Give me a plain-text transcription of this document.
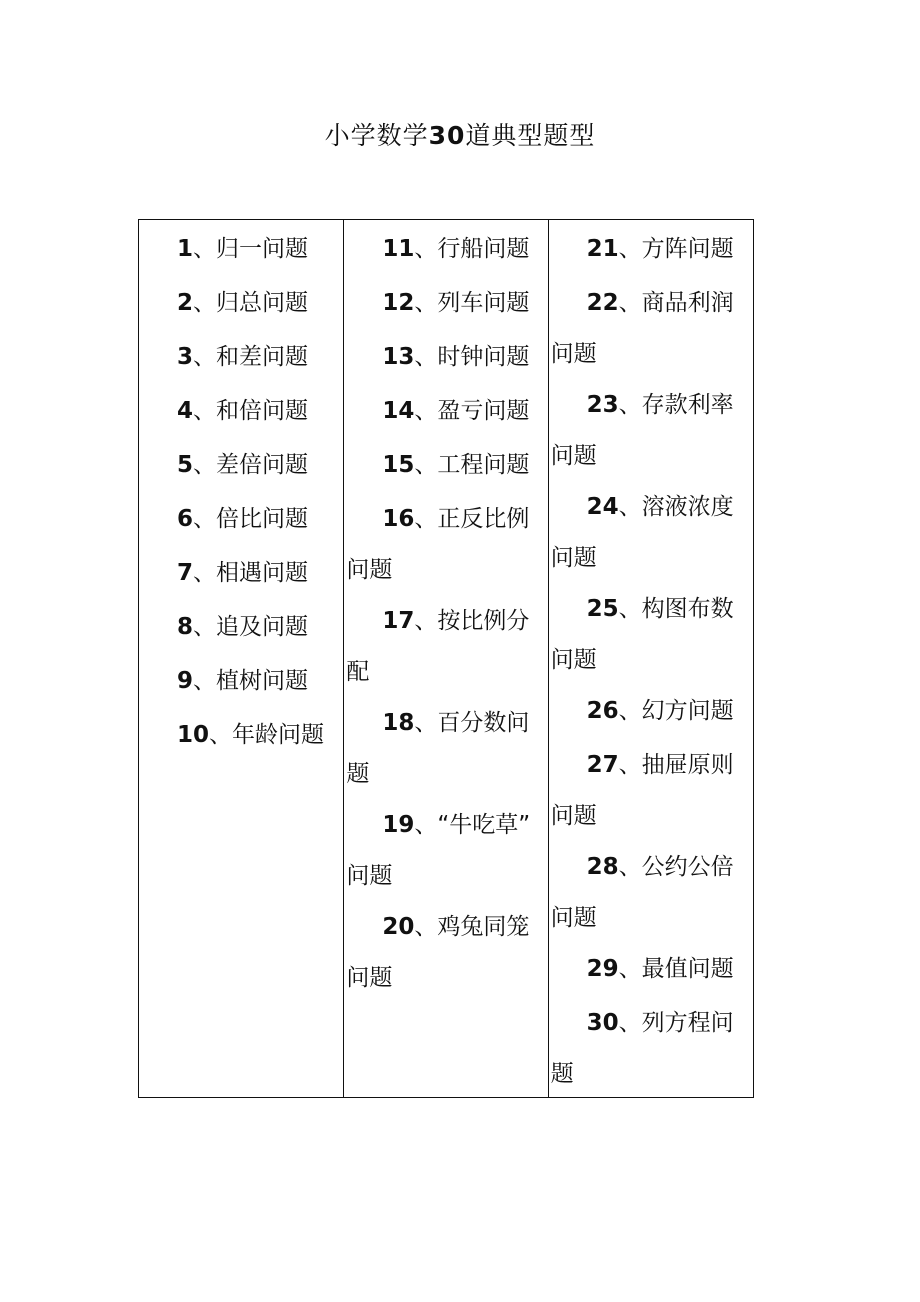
小学数学30道典型题型
1、归一问题
2、归总问题
3、和差问题
4、和倍问题
5、差倍问题
6、倍比问题
7、相遇问题
8、追及问题
9、植树问题
10、年龄问题
11、行船问题
12、列车问题
13、时钟问题
14、盈亏问题
15、工程问题
16、正反比例
问题
17、按比例分
配
18、百分数问
题
19、“牛吃草”
问题
20、鸡兔同笼
问题
21、方阵问题
22、商品利润
问题
23、存款利率
问题
24、溶液浓度
问题
25、构图布数
问题
26、幻方问题
27、抽屉原则
问题
28、公约公倍
问题
29、最值问题
30、列方程问
题
